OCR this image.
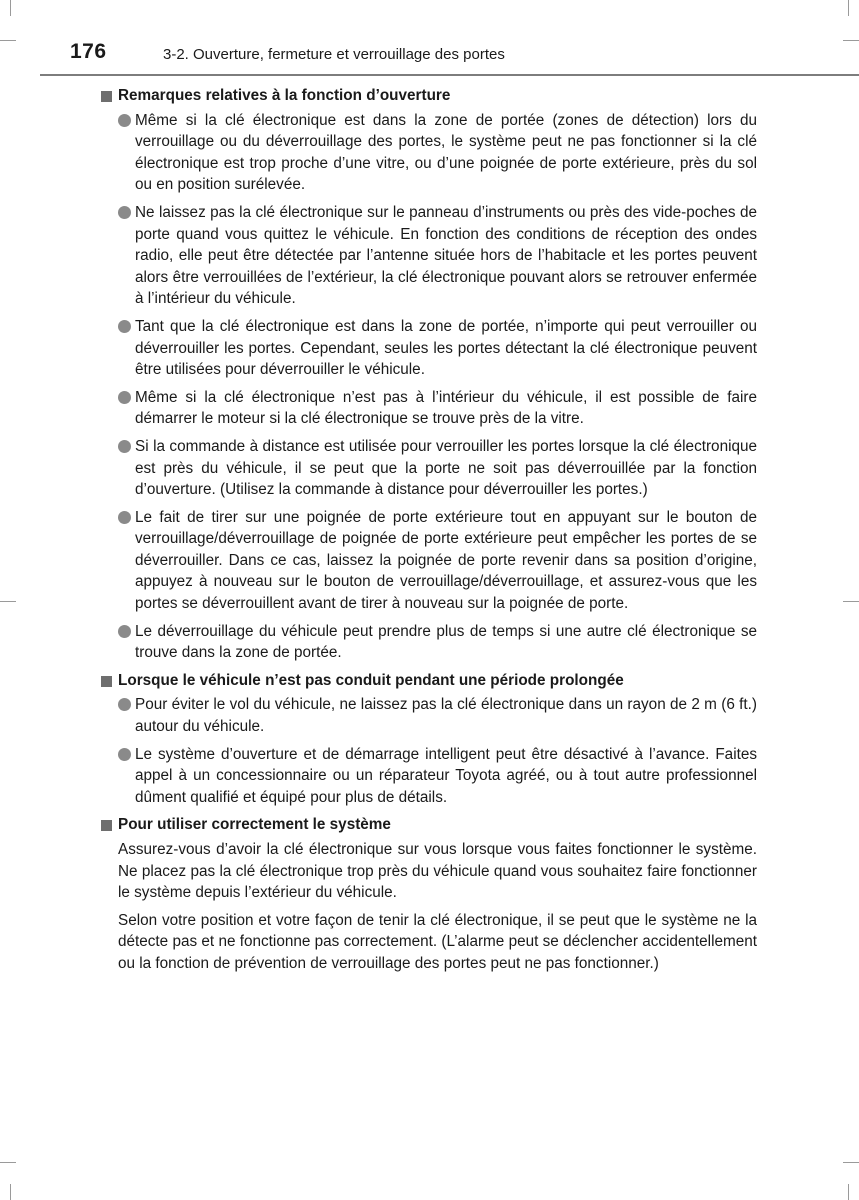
176	3-2. Ouverture, fermeture et verrouillage des portes
Remarques relatives à la fonction d’ouverture
Même si la clé électronique est dans la zone de portée (zones de détection) lors du verrouillage ou du déverrouillage des portes, le système peut ne pas fonctionner si la clé électronique est trop proche d’une vitre, ou d’une poignée de porte extérieure, près du sol ou en position surélevée.
Ne laissez pas la clé électronique sur le panneau d’instruments ou près des vide-poches de porte quand vous quittez le véhicule. En fonction des conditions de réception des ondes radio, elle peut être détectée par l’antenne située hors de l’habitacle et les portes peuvent alors être verrouillées de l’extérieur, la clé électronique pouvant alors se retrouver enfermée à l’intérieur du véhicule.
Tant que la clé électronique est dans la zone de portée, n’importe qui peut verrouiller ou déverrouiller les portes. Cependant, seules les portes détectant la clé électronique peuvent être utilisées pour déverrouiller le véhicule.
Même si la clé électronique n’est pas à l’intérieur du véhicule, il est possible de faire démarrer le moteur si la clé électronique se trouve près de la vitre.
Si la commande à distance est utilisée pour verrouiller les portes lorsque la clé électronique est près du véhicule, il se peut que la porte ne soit pas déverrouillée par la fonction d’ouverture. (Utilisez la commande à distance pour déverrouiller les portes.)
Le fait de tirer sur une poignée de porte extérieure tout en appuyant sur le bouton de verrouillage/déverrouillage de poignée de porte extérieure peut empêcher les portes de se déverrouiller. Dans ce cas, laissez la poignée de porte revenir dans sa position d’origine, appuyez à nouveau sur le bouton de verrouillage/déverrouillage, et assurez-vous que les portes se déverrouillent avant de tirer à nouveau sur la poignée de porte.
Le déverrouillage du véhicule peut prendre plus de temps si une autre clé électronique se trouve dans la zone de portée.
Lorsque le véhicule n’est pas conduit pendant une période prolongée
Pour éviter le vol du véhicule, ne laissez pas la clé électronique dans un rayon de 2 m (6 ft.) autour du véhicule.
Le système d’ouverture et de démarrage intelligent peut être désactivé à l’avance. Faites appel à un concessionnaire ou un réparateur Toyota agréé, ou à tout autre professionnel dûment qualifié et équipé pour plus de détails.
Pour utiliser correctement le système
Assurez-vous d’avoir la clé électronique sur vous lorsque vous faites fonctionner le système. Ne placez pas la clé électronique trop près du véhicule quand vous souhaitez faire fonctionner le système depuis l’extérieur du véhicule.
Selon votre position et votre façon de tenir la clé électronique, il se peut que le système ne la détecte pas et ne fonctionne pas correctement. (L’alarme peut se déclencher accidentellement ou la fonction de prévention de verrouillage des portes peut ne pas fonctionner.)
